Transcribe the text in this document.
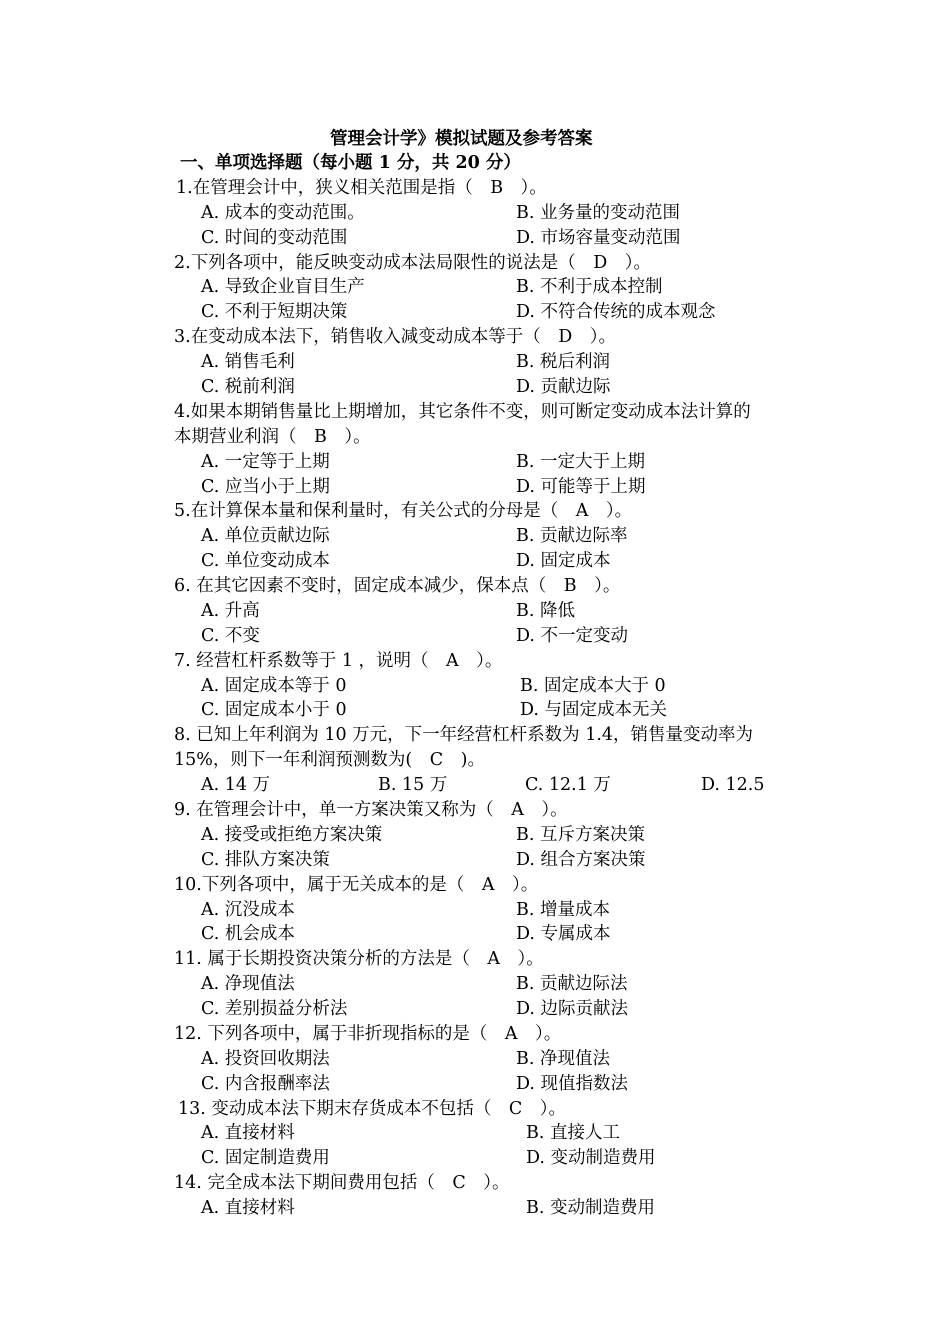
管理会计学》模拟试题及参考答案
一、单项选择题（每小题 1 分，共 20 分）
1.在管理会计中，狭义相关范围是指（　B　）。
A. 成本的变动范围。	B. 业务量的变动范围
C. 时间的变动范围	D. 市场容量变动范围
2.下列各项中，能反映变动成本法局限性的说法是（　D　）。
A. 导致企业盲目生产	B. 不利于成本控制
C. 不利于短期决策	D. 不符合传统的成本观念
3.在变动成本法下，销售收入减变动成本等于（　D　）。
A. 销售毛利	B. 税后利润
C. 税前利润	D. 贡献边际
4.如果本期销售量比上期增加，其它条件不变，则可断定变动成本法计算的
本期营业利润（　B　）。
A. 一定等于上期	B. 一定大于上期
C. 应当小于上期	D. 可能等于上期
5.在计算保本量和保利量时，有关公式的分母是（　A　）。
A. 单位贡献边际	B. 贡献边际率
C. 单位变动成本	D. 固定成本
6. 在其它因素不变时，固定成本减少，保本点（　B　）。
A. 升高	B. 降低
C. 不变	D. 不一定变动
7. 经营杠杆系数等于 1 ，说明（　A　）。
A. 固定成本等于 0	B. 固定成本大于 0
C. 固定成本小于 0	D. 与固定成本无关
8. 已知上年利润为 10 万元，下一年经营杠杆系数为 1.4，销售量变动率为
15%，则下一年利润预测数为(　C　)。
A. 14 万	B. 15 万	C. 12.1 万	D. 12.5
9. 在管理会计中，单一方案决策又称为（　A　）。
A. 接受或拒绝方案决策	B. 互斥方案决策
C. 排队方案决策	D. 组合方案决策
10.下列各项中，属于无关成本的是（　A　）。
A. 沉没成本	B. 增量成本
C. 机会成本	D. 专属成本
11. 属于长期投资决策分析的方法是（　A　）。
A. 净现值法	B. 贡献边际法
C. 差别损益分析法	D. 边际贡献法
12. 下列各项中，属于非折现指标的是（　A　）。
A. 投资回收期法	B. 净现值法
C. 内含报酬率法	D. 现值指数法
13. 变动成本法下期末存货成本不包括（　C　）。
A. 直接材料	B. 直接人工
C. 固定制造费用	D. 变动制造费用
14. 完全成本法下期间费用包括（　C　）。
A. 直接材料	B. 变动制造费用
